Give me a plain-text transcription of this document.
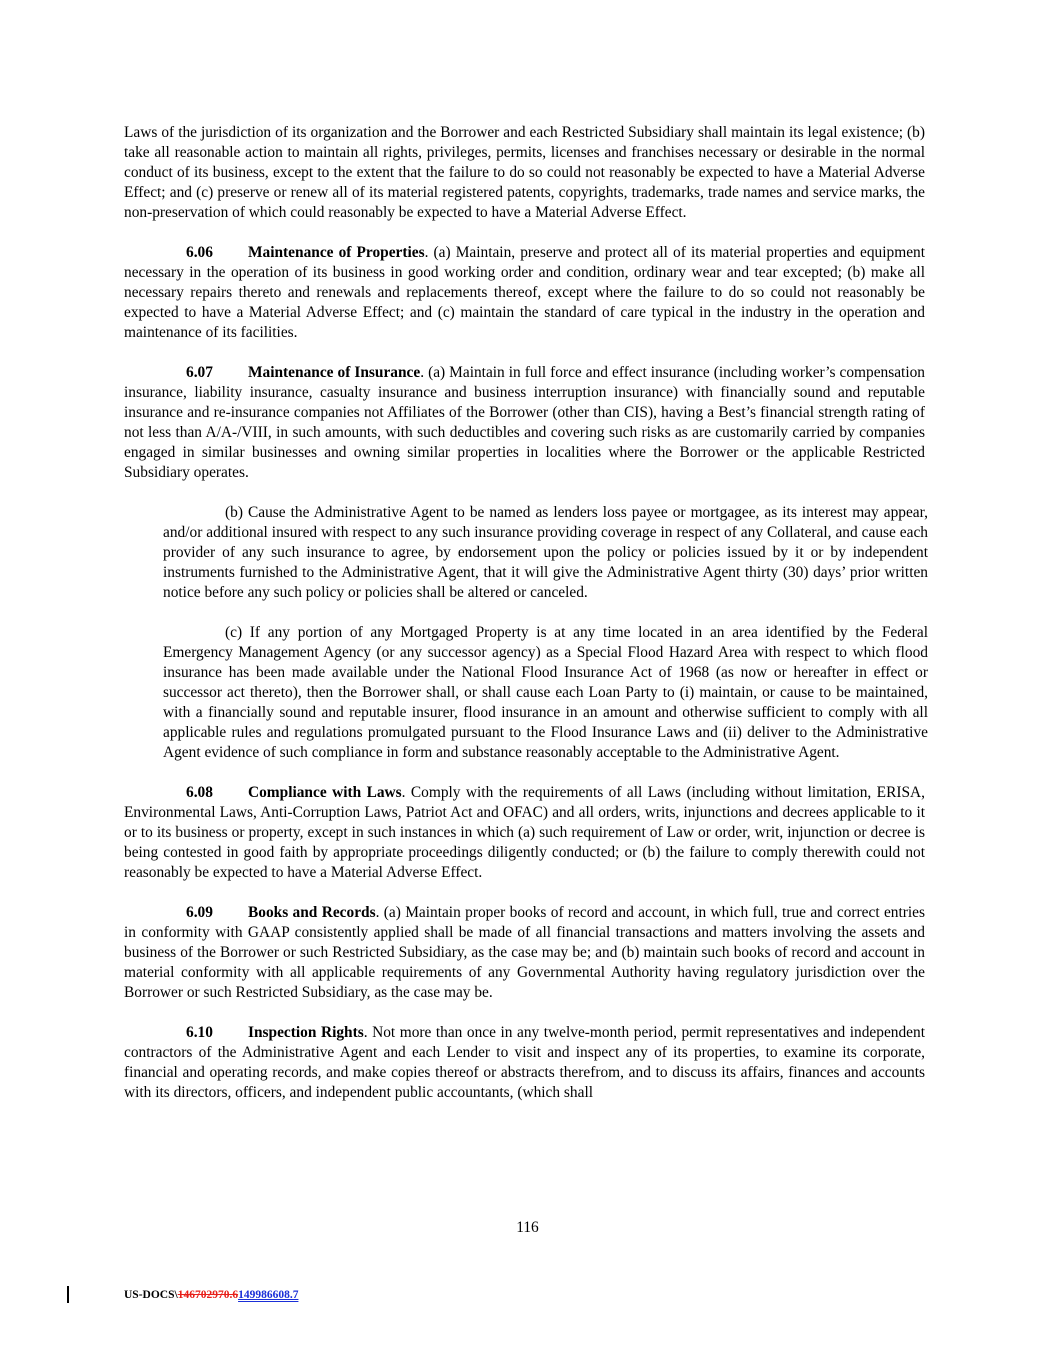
Laws of the jurisdiction of its organization and the Borrower and each Restricted Subsidiary shall maintain its legal existence; (b) take all reasonable action to maintain all rights, privileges, permits, licenses and franchises necessary or desirable in the normal conduct of its business, except to the extent that the failure to do so could not reasonably be expected to have a Material Adverse Effect; and (c) preserve or renew all of its material registered patents, copyrights, trademarks, trade names and service marks, the non-preservation of which could reasonably be expected to have a Material Adverse Effect.

6.06 Maintenance of Properties. (a) Maintain, preserve and protect all of its material properties and equipment necessary in the operation of its business in good working order and condition, ordinary wear and tear excepted; (b) make all necessary repairs thereto and renewals and replacements thereof, except where the failure to do so could not reasonably be expected to have a Material Adverse Effect; and (c) maintain the standard of care typical in the industry in the operation and maintenance of its facilities.

6.07 Maintenance of Insurance. (a) Maintain in full force and effect insurance (including worker’s compensation insurance, liability insurance, casualty insurance and business interruption insurance) with financially sound and reputable insurance and re-insurance companies not Affiliates of the Borrower (other than CIS), having a Best’s financial strength rating of not less than A/A-/VIII, in such amounts, with such deductibles and covering such risks as are customarily carried by companies engaged in similar businesses and owning similar properties in localities where the Borrower or the applicable Restricted Subsidiary operates.

(b) Cause the Administrative Agent to be named as lenders loss payee or mortgagee, as its interest may appear, and/or additional insured with respect to any such insurance providing coverage in respect of any Collateral, and cause each provider of any such insurance to agree, by endorsement upon the policy or policies issued by it or by independent instruments furnished to the Administrative Agent, that it will give the Administrative Agent thirty (30) days’ prior written notice before any such policy or policies shall be altered or canceled.

(c) If any portion of any Mortgaged Property is at any time located in an area identified by the Federal Emergency Management Agency (or any successor agency) as a Special Flood Hazard Area with respect to which flood insurance has been made available under the National Flood Insurance Act of 1968 (as now or hereafter in effect or successor act thereto), then the Borrower shall, or shall cause each Loan Party to (i) maintain, or cause to be maintained, with a financially sound and reputable insurer, flood insurance in an amount and otherwise sufficient to comply with all applicable rules and regulations promulgated pursuant to the Flood Insurance Laws and (ii) deliver to the Administrative Agent evidence of such compliance in form and substance reasonably acceptable to the Administrative Agent.

6.08 Compliance with Laws. Comply with the requirements of all Laws (including without limitation, ERISA, Environmental Laws, Anti-Corruption Laws, Patriot Act and OFAC) and all orders, writs, injunctions and decrees applicable to it or to its business or property, except in such instances in which (a) such requirement of Law or order, writ, injunction or decree is being contested in good faith by appropriate proceedings diligently conducted; or (b) the failure to comply therewith could not reasonably be expected to have a Material Adverse Effect.

6.09 Books and Records. (a) Maintain proper books of record and account, in which full, true and correct entries in conformity with GAAP consistently applied shall be made of all financial transactions and matters involving the assets and business of the Borrower or such Restricted Subsidiary, as the case may be; and (b) maintain such books of record and account in material conformity with all applicable requirements of any Governmental Authority having regulatory jurisdiction over the Borrower or such Restricted Subsidiary, as the case may be.

6.10 Inspection Rights. Not more than once in any twelve-month period, permit representatives and independent contractors of the Administrative Agent and each Lender to visit and inspect any of its properties, to examine its corporate, financial and operating records, and make copies thereof or abstracts therefrom, and to discuss its affairs, finances and accounts with its directors, officers, and independent public accountants, (which shall

116
US-DOCS\146702970.6149986608.7
